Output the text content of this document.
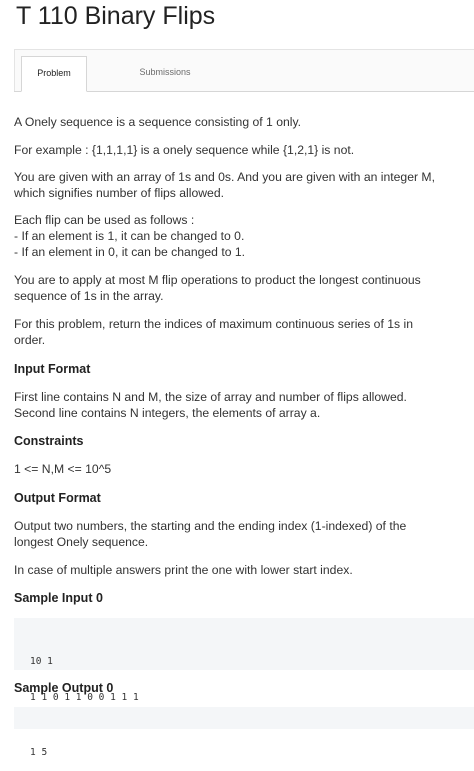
T 110 Binary Flips
Problem	Submissions
A Onely sequence is a sequence consisting of 1 only.
For example : {1,1,1,1} is a onely sequence while {1,2,1} is not.
You are given with an array of 1s and 0s. And you are given with an integer M,
which signifies number of flips allowed.
Each flip can be used as follows :
- If an element is 1, it can be changed to 0.
- If an element in 0, it can be changed to 1.
You are to apply at most M flip operations to product the longest continuous
sequence of 1s in the array.
For this problem, return the indices of maximum continuous series of 1s in
order.
Input Format
First line contains N and M, the size of array and number of flips allowed.
Second line contains N integers, the elements of array a.
Constraints
1 <= N,M <= 10^5
Output Format
Output two numbers, the starting and the ending index (1-indexed) of the
longest Onely sequence.
In case of multiple answers print the one with lower start index.
Sample Input 0

10 1

1 1 0 1 1 0 0 1 1 1

Sample Output 0

1 5
